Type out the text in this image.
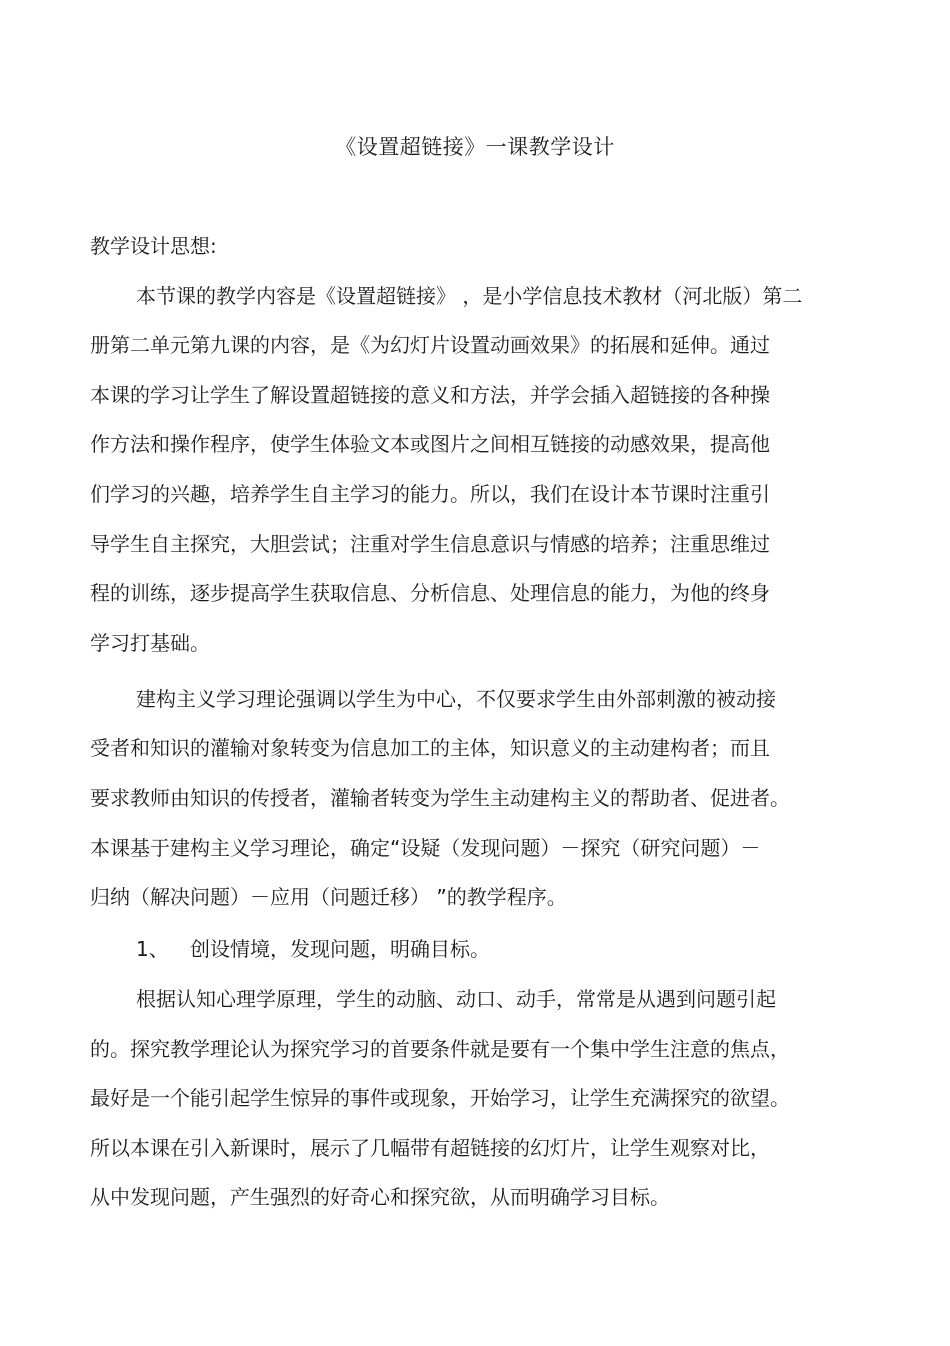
《设置超链接》一课教学设计
教学设计思想:
本节课的教学内容是《设置超链接》 ，是小学信息技术教材（河北版）第二
册第二单元第九课的内容，是《为幻灯片设置动画效果》的拓展和延伸。通过
本课的学习让学生了解设置超链接的意义和方法，并学会插入超链接的各种操
作方法和操作程序，使学生体验文本或图片之间相互链接的动感效果，提高他
们学习的兴趣，培养学生自主学习的能力。所以，我们在设计本节课时注重引
导学生自主探究，大胆尝试；注重对学生信息意识与情感的培养；注重思维过
程的训练，逐步提高学生获取信息、分析信息、处理信息的能力，为他的终身
学习打基础。
建构主义学习理论强调以学生为中心，不仅要求学生由外部刺激的被动接
受者和知识的灌输对象转变为信息加工的主体，知识意义的主动建构者；而且
要求教师由知识的传授者，灌输者转变为学生主动建构主义的帮助者、促进者。
本课基于建构主义学习理论，确定“设疑（发现问题）－探究（研究问题）－
归纳（解决问题）－应用（问题迁移） ”的教学程序。
1、 创设情境，发现问题，明确目标。
根据认知心理学原理，学生的动脑、动口、动手，常常是从遇到问题引起
的。探究教学理论认为探究学习的首要条件就是要有一个集中学生注意的焦点，
最好是一个能引起学生惊异的事件或现象，开始学习，让学生充满探究的欲望。
所以本课在引入新课时，展示了几幅带有超链接的幻灯片，让学生观察对比，
从中发现问题，产生强烈的好奇心和探究欲，从而明确学习目标。
